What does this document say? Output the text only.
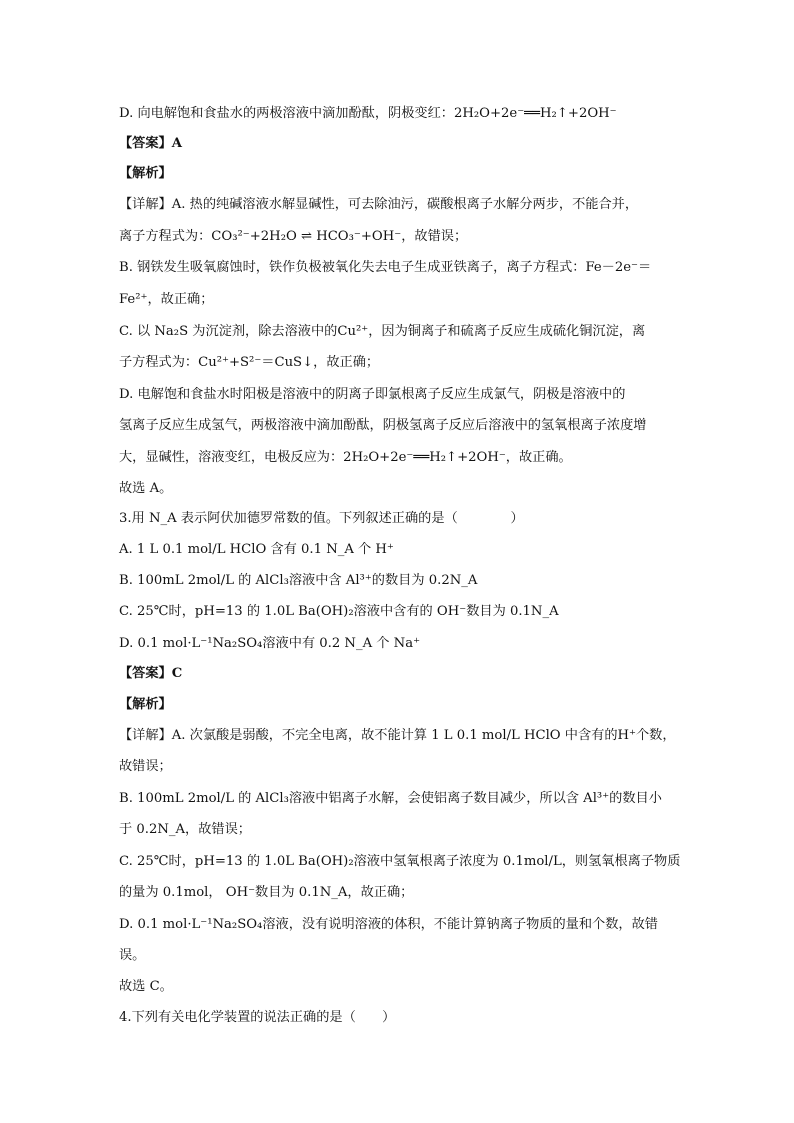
D. 向电解饱和食盐水的两极溶液中滴加酚酞，阴极变红：2H₂O+2e⁻══H₂↑+2OH⁻
【答案】A
【解析】
【详解】A. 热的纯碱溶液水解显碱性，可去除油污，碳酸根离子水解分两步，不能合并，
离子方程式为：CO₃²⁻+2H₂O ⇌ HCO₃⁻+OH⁻，故错误；
B. 钢铁发生吸氧腐蚀时，铁作负极被氧化失去电子生成亚铁离子，离子方程式：Fe－2e⁻＝
Fe²⁺，故正确；
C. 以 Na₂S 为沉淀剂，除去溶液中的Cu²⁺，因为铜离子和硫离子反应生成硫化铜沉淀，离
子方程式为：Cu²⁺+S²⁻＝CuS↓，故正确；
D. 电解饱和食盐水时阳极是溶液中的阴离子即氯根离子反应生成氯气，阴极是溶液中的
氢离子反应生成氢气，两极溶液中滴加酚酞，阴极氢离子反应后溶液中的氢氧根离子浓度增
大，显碱性，溶液变红，电极反应为：2H₂O+2e⁻══H₂↑+2OH⁻，故正确。
故选 A。
3.用 N_A 表示阿伏加德罗常数的值。下列叙述正确的是（　　　　）
A. 1 L 0.1 mol/L HClO 含有 0.1 N_A 个 H⁺
B. 100mL 2mol/L 的 AlCl₃溶液中含 Al³⁺的数目为 0.2N_A
C. 25℃时，pH=13 的 1.0L Ba(OH)₂溶液中含有的 OH⁻数目为 0.1N_A
D. 0.1 mol·L⁻¹Na₂SO₄溶液中有 0.2 N_A 个 Na⁺
【答案】C
【解析】
【详解】A. 次氯酸是弱酸，不完全电离，故不能计算 1 L 0.1 mol/L HClO 中含有的H⁺个数，
故错误；
B. 100mL 2mol/L 的 AlCl₃溶液中铝离子水解，会使铝离子数目减少，所以含 Al³⁺的数目小
于 0.2N_A，故错误；
C. 25℃时，pH=13 的 1.0L Ba(OH)₂溶液中氢氧根离子浓度为 0.1mol/L，则氢氧根离子物质
的量为 0.1mol， OH⁻数目为 0.1N_A，故正确；
D. 0.1 mol·L⁻¹Na₂SO₄溶液，没有说明溶液的体积，不能计算钠离子物质的量和个数，故错
误。
故选 C。
4.下列有关电化学装置的说法正确的是（　　）
